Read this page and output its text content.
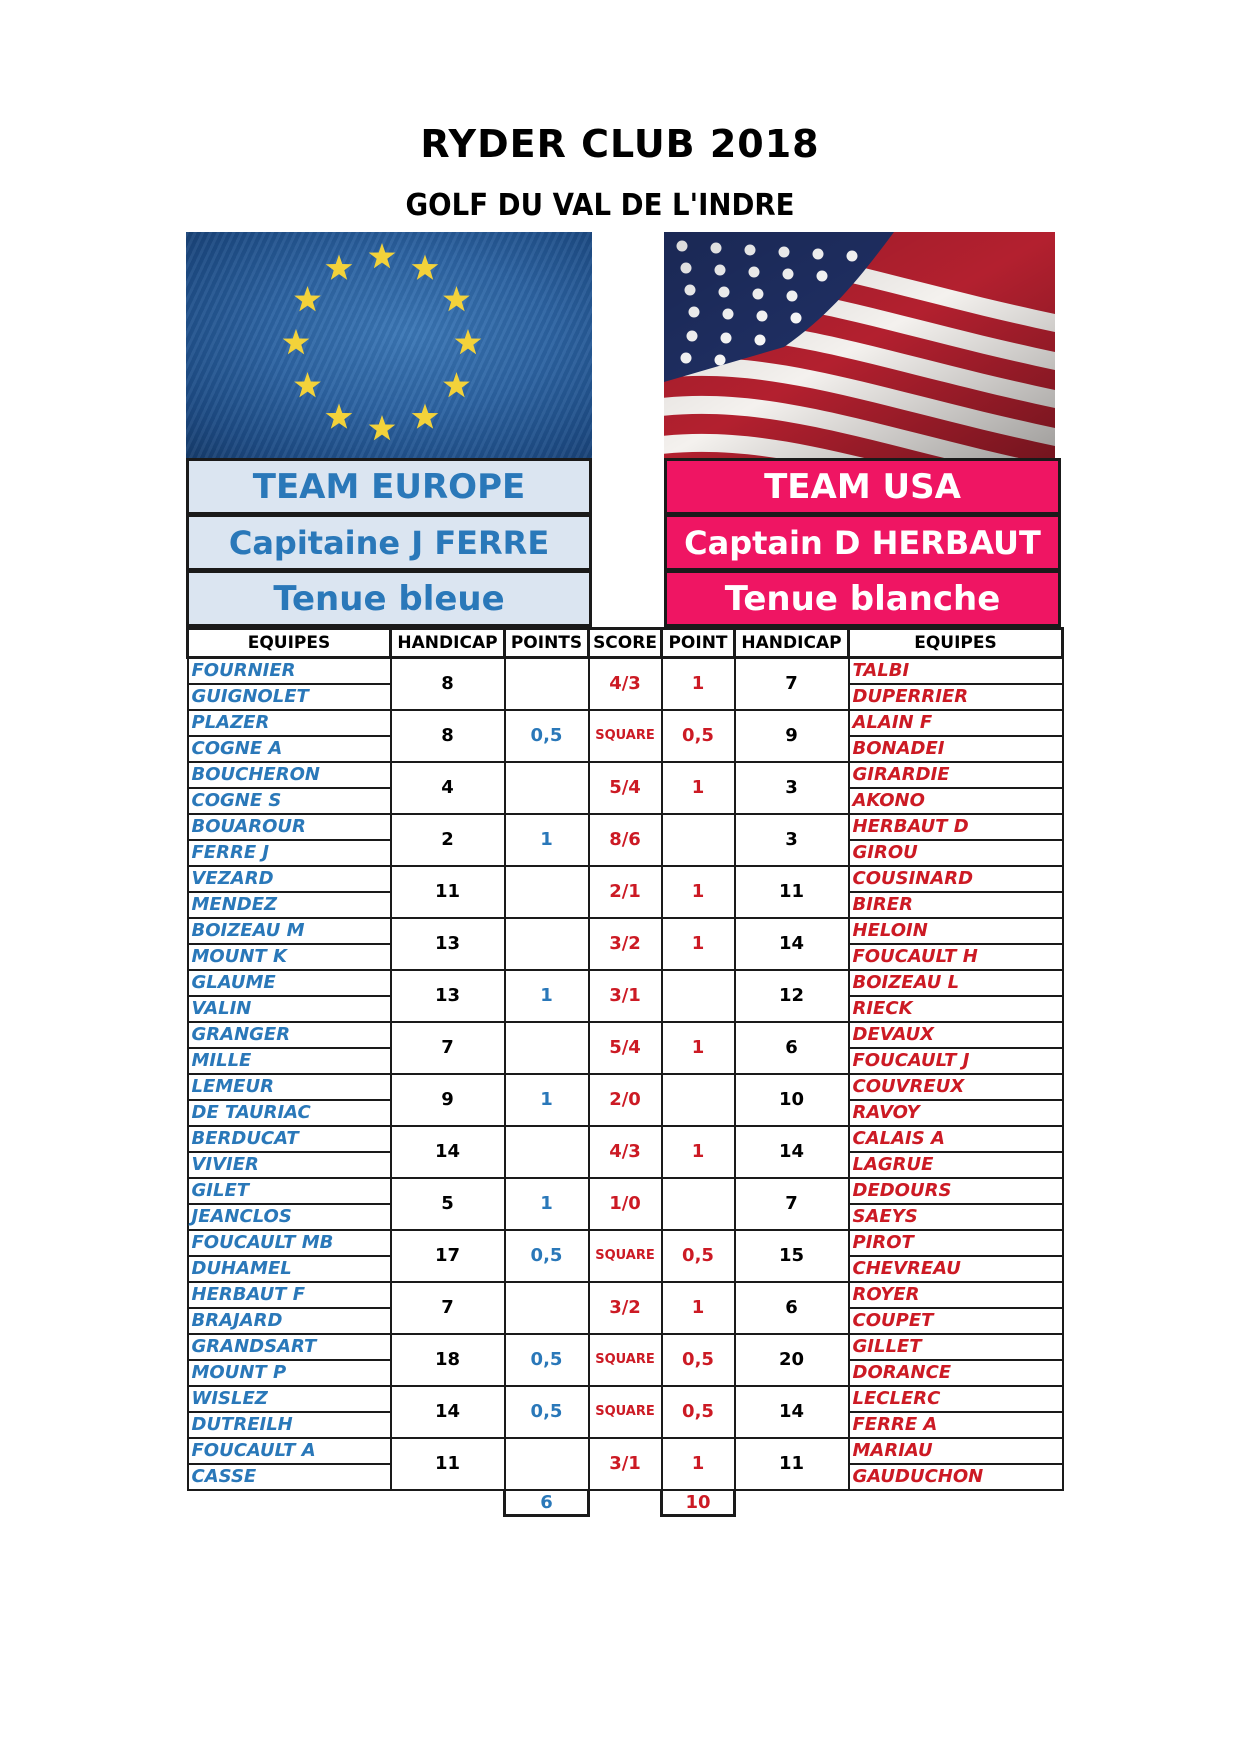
RYDER CLUB 2018
GOLF DU VAL DE L'INDRE
TEAM EUROPE
Capitaine J FERRE
Tenue bleue
TEAM USA
Captain D HERBAUT
Tenue blanche
EQUIPES	HANDICAP	POINTS	SCORE	POINT	HANDICAP	EQUIPES
FOURNIER	8		4/3	1	7	TALBI
GUIGNOLET						DUPERRIER
PLAZER	8	0,5	SQUARE	0,5	9	ALAIN F
COGNE A						BONADEI
BOUCHERON	4		5/4	1	3	GIRARDIE
COGNE S						AKONO
BOUAROUR	2	1	8/6		3	HERBAUT D
FERRE J						GIROU
VEZARD	11		2/1	1	11	COUSINARD
MENDEZ						BIRER
BOIZEAU M	13		3/2	1	14	HELOIN
MOUNT K						FOUCAULT H
GLAUME	13	1	3/1		12	BOIZEAU L
VALIN						RIECK
GRANGER	7		5/4	1	6	DEVAUX
MILLE						FOUCAULT J
LEMEUR	9	1	2/0		10	COUVREUX
DE TAURIAC						RAVOY
BERDUCAT	14		4/3	1	14	CALAIS A
VIVIER						LAGRUE
GILET	5	1	1/0		7	DEDOURS
JEANCLOS						SAEYS
FOUCAULT MB	17	0,5	SQUARE	0,5	15	PIROT
DUHAMEL						CHEVREAU
HERBAUT F	7		3/2	1	6	ROYER
BRAJARD						COUPET
GRANDSART	18	0,5	SQUARE	0,5	20	GILLET
MOUNT P						DORANCE
WISLEZ	14	0,5	SQUARE	0,5	14	LECLERC
DUTREILH						FERRE A
FOUCAULT A	11		3/1	1	11	MARIAU
CASSE						GAUDUCHON
		6		10		
